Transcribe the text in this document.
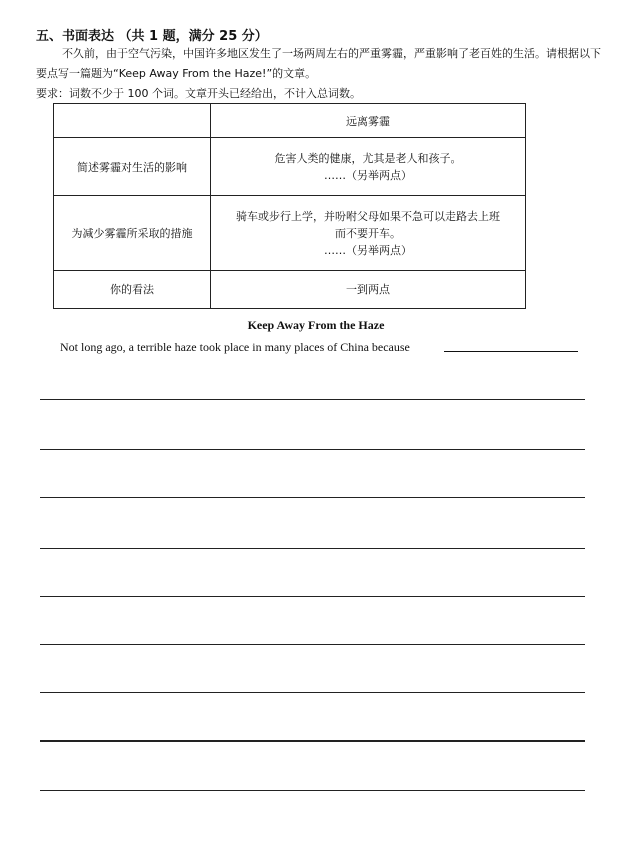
五、书面表达 （共 1 题，满分 25 分）
不久前，由于空气污染，中国许多地区发生了一场两周左右的严重雾霾，严重影响了老百姓的生活。请根据以下要点写一篇题为“Keep Away From the Haze!”的文章。
要求：词数不少于 100 个词。文章开头已经给出，不计入总词数。
	远离雾霾
简述雾霾对生活的影响	危害人类的健康，尤其是老人和孩子。
……（另举两点）

为减少雾霾所采取的措施	骑车或步行上学，并吩咐父母如果不急可以走路去上班
而不要开车。
……（另举两点）

你的看法	一到两点
Keep Away From the Haze
Not long ago, a terrible haze took place in many places of China because
